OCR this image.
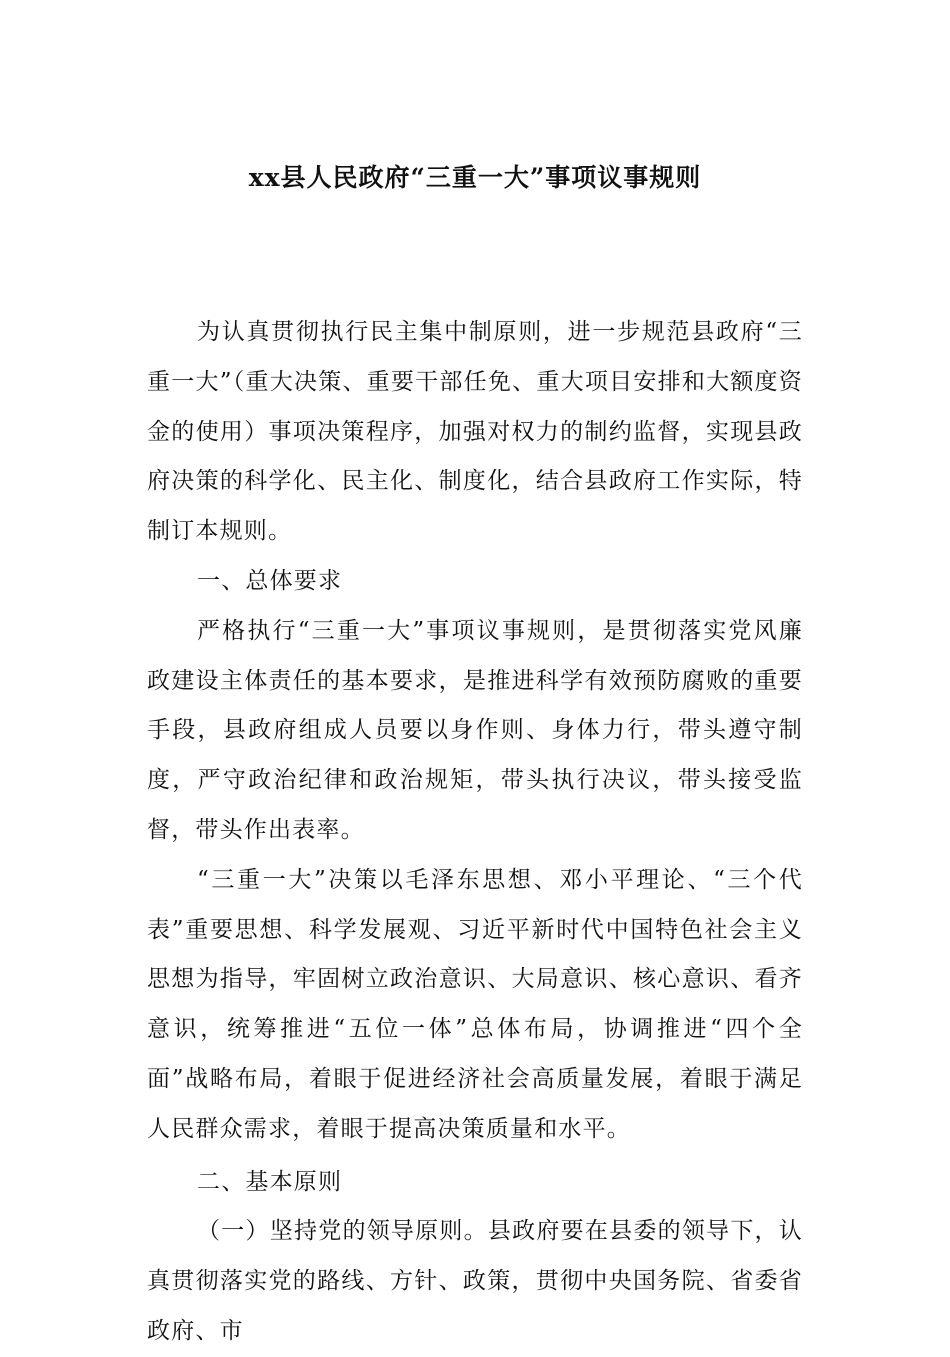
xx县人民政府“三重一大”事项议事规则

为认真贯彻执行民主集中制原则，进一步规范县政府“三重一大”（重大决策、重要干部任免、重大项目安排和大额度资金的使用）事项决策程序，加强对权力的制约监督，实现县政府决策的科学化、民主化、制度化，结合县政府工作实际，特制订本规则。

一、总体要求

严格执行“三重一大”事项议事规则，是贯彻落实党风廉政建设主体责任的基本要求，是推进科学有效预防腐败的重要手段，县政府组成人员要以身作则、身体力行，带头遵守制度，严守政治纪律和政治规矩，带头执行决议，带头接受监督，带头作出表率。

“三重一大”决策以毛泽东思想、邓小平理论、“三个代表”重要思想、科学发展观、习近平新时代中国特色社会主义思想为指导，牢固树立政治意识、大局意识、核心意识、看齐意识，统筹推进“五位一体”总体布局，协调推进“四个全面”战略布局，着眼于促进经济社会高质量发展，着眼于满足人民群众需求，着眼于提高决策质量和水平。

二、基本原则

（一）坚持党的领导原则。县政府要在县委的领导下，认真贯彻落实党的路线、方针、政策，贯彻中央国务院、省委省政府、市
